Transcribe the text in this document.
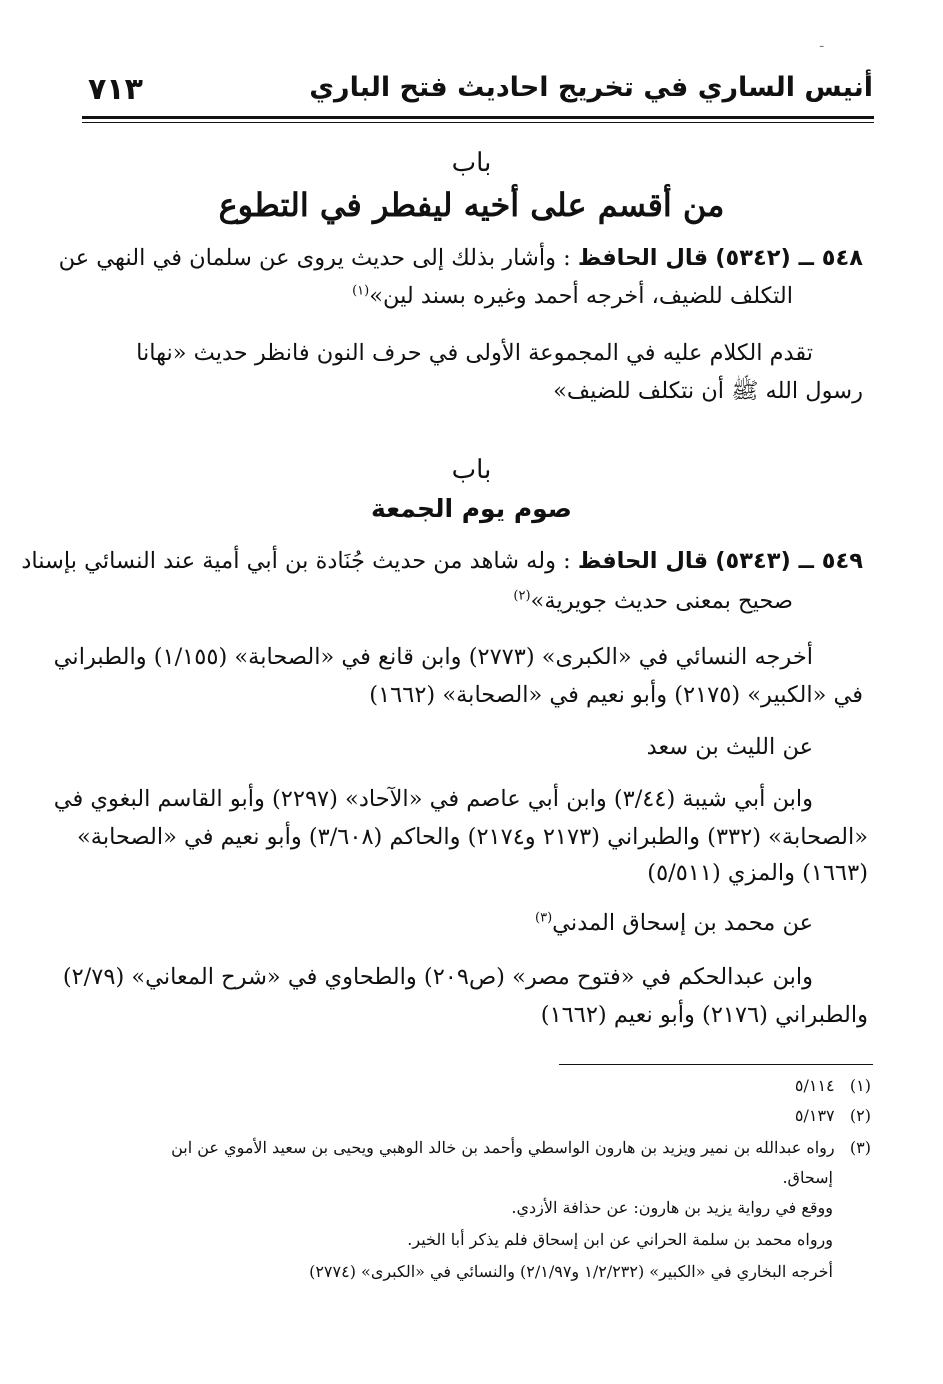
ـ
٧١٣	أنيس الساري في تخريج احاديث فتح الباري
باب
من أقسم على أخيه ليفطر في التطوع
٥٤٨ ــ (٥٣٤٢) قال الحافظ : وأشار بذلك إلى حديث يروى عن سلمان في النهي عن
التكلف للضيف، أخرجه أحمد وغيره بسند لين»$^{(١)}$
تقدم الكلام عليه في المجموعة الأولى في حرف النون فانظر حديث «نهانا
رسول الله ﷺ أن نتكلف للضيف»
باب
صوم يوم الجمعة
٥٤٩ ــ (٥٣٤٣) قال الحافظ : وله شاهد من حديث جُنَادة بن أبي أمية عند النسائي بإسناد
صحيح بمعنى حديث جويرية»$^{(٢)}$
أخرجه النسائي في «الكبرى» (٢٧٧٣) وابن قانع في «الصحابة» (١/١٥٥) والطبراني
في «الكبير» (٢١٧٥) وأبو نعيم في «الصحابة» (١٦٦٢)
عن الليث بن سعد
وابن أبي شيبة (٣/٤٤) وابن أبي عاصم في «الآحاد» (٢٢٩٧) وأبو القاسم البغوي في
«الصحابة» (٣٣٢) والطبراني (٢١٧٣ و٢١٧٤) والحاكم (٣/٦٠٨) وأبو نعيم في «الصحابة»
(١٦٦٣) والمزي (٥/٥١١)
عن محمد بن إسحاق المدني$^{(٣)}$
وابن عبدالحكم في «فتوح مصر» (ص٢٠٩) والطحاوي في «شرح المعاني» (٢/٧٩)
والطبراني (٢١٧٦) وأبو نعيم (١٦٦٢)
(١)   ٥/١١٤
(٢)   ٥/١٣٧
(٣)   رواه عبدالله بن نمير ويزيد بن هارون الواسطي وأحمد بن خالد الوهبي ويحيى بن سعيد الأموي عن ابن
إسحاق.
ووقع في رواية يزيد بن هارون: عن حذافة الأزدي.
ورواه محمد بن سلمة الحراني عن ابن إسحاق فلم يذكر أبا الخير.
أخرجه البخاري في «الكبير» (١/٢/٢٣٢ و٢/١/٩٧) والنسائي في «الكبرى» (٢٧٧٤)
